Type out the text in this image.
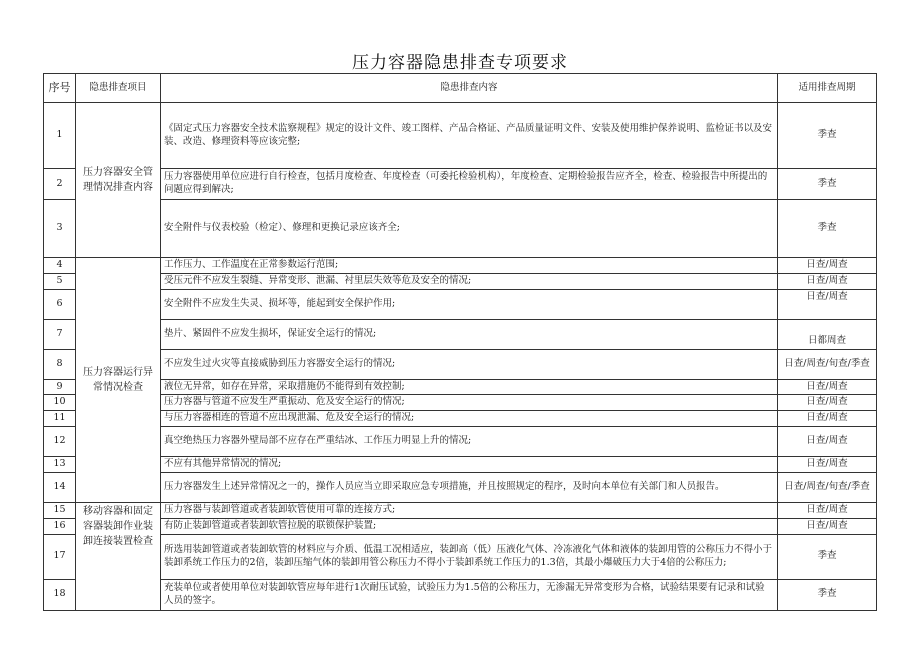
压力容器隐患排查专项要求
序号	隐患排查项目	隐患排查内容	适用排查周期
1	压力容器安全管理情况排查内容	《固定式压力容器安全技术监察规程》规定的设计文件、竣工图样、产品合格证、产品质量证明文件、安装及使用维护保养说明、监检证书以及安装、改造、修理资料等应该完整;	季查
2		压力容器使用单位应进行自行检查，包括月度检查、年度检查（可委托检验机构），年度检查、定期检验报告应齐全，检查、检验报告中所提出的问题应得到解决;	季查
3		安全附件与仪表校验（检定）、修理和更换记录应该齐全;	季查
4	压力容器运行异常情况检查	工作压力、工作温度在正常参数运行范围;	日查/周查
5		受压元件不应发生裂缝、异常变形、泄漏、衬里层失效等危及安全的情况;	日查/周查
6		安全附件不应发生失灵、损坏等，能起到安全保护作用;	日查/周查
7		垫片、紧固件不应发生损坏，保证安全运行的情况;	日都周查
8		不应发生过火灾等直接威胁到压力容器安全运行的情况;	日查/周查/旬查/季查
9		液位无异常，如存在异常，采取措施仍不能得到有效控制;	日查/周查
10		压力容器与管道不应发生严重振动、危及安全运行的情况;	日查/周查
11		与压力容器相连的管道不应出现泄漏、危及安全运行的情况;	日查/周查
12		真空绝热压力容器外壁局部不应存在严重结冰、工作压力明显上升的情况;	日查/周查
13		不应有其他异常情况的情况;	日查/周查
14		压力容器发生上述异常情况之一的，操作人员应当立即采取应急专项措施，并且按照规定的程序，及时向本单位有关部门和人员报告。	日查/周查/旬查/季查
15	移动容器和固定容器装卸作业装卸连接装置检查	压力容器与装卸管道或者装卸软管使用可靠的连接方式;	日查/周查
16		有防止装卸管道或者装卸软管拉脱的联锁保护装置;	日查/周查
17		所选用装卸管道或者装卸软管的材料应与介质、低温工况相适应，装卸高（低）压液化气体、冷冻液化气体和液体的装卸用管的公称压力不得小于装卸系统工作压力的2倍，装卸压缩气体的装卸用管公称压力不得小于装卸系统工作压力的1.3倍，其最小爆破压力大于4倍的公称压力;	季查
18		充装单位或者使用单位对装卸软管应每年进行1次耐压试验，试验压力为1.5倍的公称压力，无渗漏无异常变形为合格，试验结果要有记录和试验人员的签字。	季查
